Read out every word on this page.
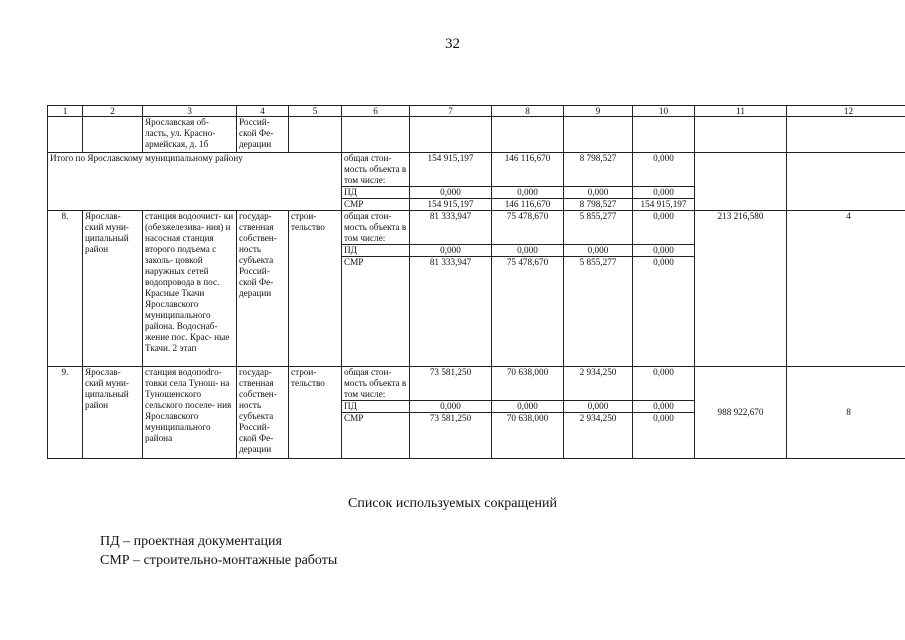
32
1	2	3	4	5	6	7	8	9	10	11	12
		Ярославская об- ласть, ул. Красно- армейская, д. 1б	Россий- ской Фе- дерации								
Итого по Ярославскому муниципальному району					общая стои- мость объекта в том числе:	154 915,197	146 116,670	8 798,527	0,000		
					ПД	0,000	0,000	0,000	0,000		
					СМР	154 915,197	146 116,670	8 798,527	154 915,197		
8.	Ярослав- ский муни- ципальный район	станция водоочист- ки (обезжелезива- ния) и насосная станция второго подъема с заколь- цовкой наружных сетей водопровода в пос. Красные Ткачи Ярославского муниципального района. Водоснаб- жение пос. Крас- ные Ткачи. 2 этап	государ- ственная собствен- ность субъекта Россий- ской Фе- дерации	строи- тельство	общая стои- мость объекта в том числе:	81 333,947	75 478,670	5 855,277	0,000	213 216,580	4
					ПД	0,000	0,000	0,000	0,000		
					СМР	81 333,947	75 478,670	5 855,277	0,000		
9.	Ярослав- ский муни- ципальный район	станция водопodго- товки села Тунош- на Туношенского сельского поселе- ния Ярославского муниципального района	государ- ственная собствен- ность субъекта Россий- ской Фе- дерации	строи- тельство	общая стои- мость объекта в том числе:	73 581,250	70 638,000	2 934,250	0,000	988 922,670	8
					ПД	0,000	0,000	0,000	0,000		
					СМР	73 581,250	70 638,000	2 934,250	0,000		
Список используемых сокращений
ПД – проектная документация
СМР – строительно-монтажные работы
